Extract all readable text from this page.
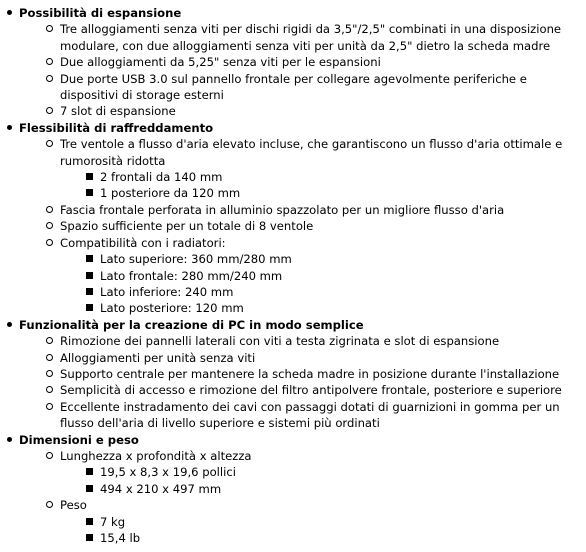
Possibilità di espansione
Tre alloggiamenti senza viti per dischi rigidi da 3,5"/2,5" combinati in una disposizione modulare, con due alloggiamenti senza viti per unità da 2,5" dietro la scheda madre
Due alloggiamenti da 5,25" senza viti per le espansioni
Due porte USB 3.0 sul pannello frontale per collegare agevolmente periferiche e dispositivi di storage esterni
7 slot di espansione
Flessibilità di raffreddamento
Tre ventole a flusso d'aria elevato incluse, che garantiscono un flusso d'aria ottimale e rumorosità ridotta
2 frontali da 140 mm
1 posteriore da 120 mm
Fascia frontale perforata in alluminio spazzolato per un migliore flusso d'aria
Spazio sufficiente per un totale di 8 ventole
Compatibilità con i radiatori:
Lato superiore: 360 mm/280 mm
Lato frontale: 280 mm/240 mm
Lato inferiore: 240 mm
Lato posteriore: 120 mm
Funzionalità per la creazione di PC in modo semplice
Rimozione dei pannelli laterali con viti a testa zigrinata e slot di espansione
Alloggiamenti per unità senza viti
Supporto centrale per mantenere la scheda madre in posizione durante l'installazione
Semplicità di accesso e rimozione del filtro antipolvere frontale, posteriore e superiore
Eccellente instradamento dei cavi con passaggi dotati di guarnizioni in gomma per un flusso dell'aria di livello superiore e sistemi più ordinati
Dimensioni e peso
Lunghezza x profondità x altezza
19,5 x 8,3 x 19,6 pollici
494 x 210 x 497 mm
Peso
7 kg
15,4 lb
